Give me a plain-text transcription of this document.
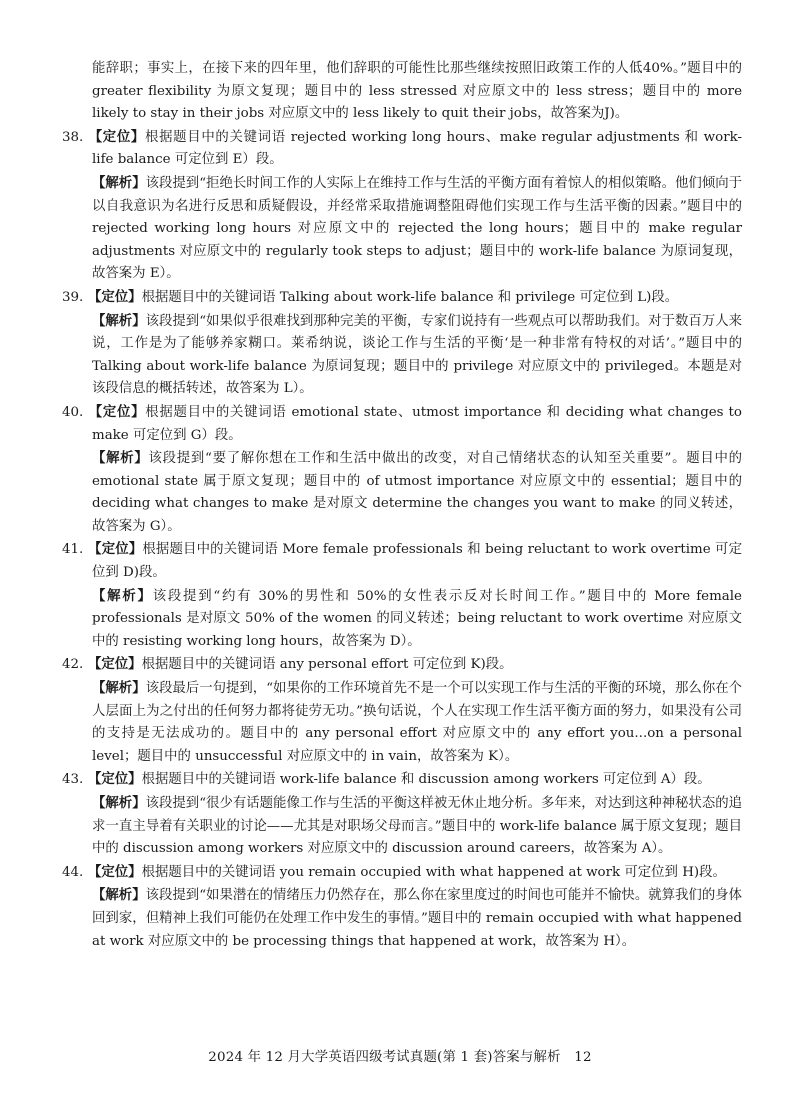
能辞职；事实上，在接下来的四年里，他们辞职的可能性比那些继续按照旧政策工作的人低40%。”题目中的 greater flexibility 为原文复现；题目中的 less stressed 对应原文中的 less stress；题目中的 more likely to stay in their jobs 对应原文中的 less likely to quit their jobs，故答案为J)。

38. 【定位】根据题目中的关键词语 rejected working long hours、make regular adjustments 和 work-life balance 可定位到 E）段。

【解析】该段提到“拒绝长时间工作的人实际上在维持工作与生活的平衡方面有着惊人的相似策略。他们倾向于以自我意识为名进行反思和质疑假设，并经常采取措施调整阻碍他们实现工作与生活平衡的因素。”题目中的 rejected working long hours 对应原文中的 rejected the long hours；题目中的 make regular adjustments 对应原文中的 regularly took steps to adjust；题目中的 work-life balance 为原词复现，故答案为 E）。

39. 【定位】根据题目中的关键词语 Talking about work-life balance 和 privilege 可定位到 L)段。

【解析】该段提到“如果似乎很难找到那种完美的平衡，专家们说持有一些观点可以帮助我们。对于数百万人来说，工作是为了能够养家糊口。莱希纳说，谈论工作与生活的平衡‘是一种非常有特权的对话’。”题目中的 Talking about work-life balance 为原词复现；题目中的 privilege 对应原文中的 privileged。本题是对该段信息的概括转述，故答案为 L）。

40. 【定位】根据题目中的关键词语 emotional state、utmost importance 和 deciding what changes to make 可定位到 G）段。

【解析】该段提到“要了解你想在工作和生活中做出的改变，对自己情绪状态的认知至关重要”。题目中的 emotional state 属于原文复现；题目中的 of utmost importance 对应原文中的 essential；题目中的 deciding what changes to make 是对原文 determine the changes you want to make 的同义转述，故答案为 G）。

41. 【定位】根据题目中的关键词语 More female professionals 和 being reluctant to work overtime 可定位到 D)段。

【解析】该段提到“约有 30%的男性和 50%的女性表示反对长时间工作。”题目中的 More female professionals 是对原文 50% of the women 的同义转述；being reluctant to work overtime 对应原文中的 resisting working long hours，故答案为 D）。

42. 【定位】根据题目中的关键词语 any personal effort 可定位到 K)段。

【解析】该段最后一句提到，“如果你的工作环境首先不是一个可以实现工作与生活的平衡的环境，那么你在个人层面上为之付出的任何努力都将徒劳无功。”换句话说，个人在实现工作生活平衡方面的努力，如果没有公司的支持是无法成功的。题目中的 any personal effort 对应原文中的 any effort you...on a personal level；题目中的 unsuccessful 对应原文中的 in vain，故答案为 K）。

43. 【定位】根据题目中的关键词语 work-life balance 和 discussion among workers 可定位到 A）段。

【解析】该段提到“很少有话题能像工作与生活的平衡这样被无休止地分析。多年来，对达到这种神秘状态的追求一直主导着有关职业的讨论——尤其是对职场父母而言。”题目中的 work-life balance 属于原文复现；题目中的 discussion among workers 对应原文中的 discussion around careers，故答案为 A）。

44. 【定位】根据题目中的关键词语 you remain occupied with what happened at work 可定位到 H)段。

【解析】该段提到“如果潜在的情绪压力仍然存在，那么你在家里度过的时间也可能并不愉快。就算我们的身体回到家，但精神上我们可能仍在处理工作中发生的事情。”题目中的 remain occupied with what happened at work 对应原文中的 be processing things that happened at work，故答案为 H）。

2024 年 12 月大学英语四级考试真题(第 1 套)答案与解析　12
